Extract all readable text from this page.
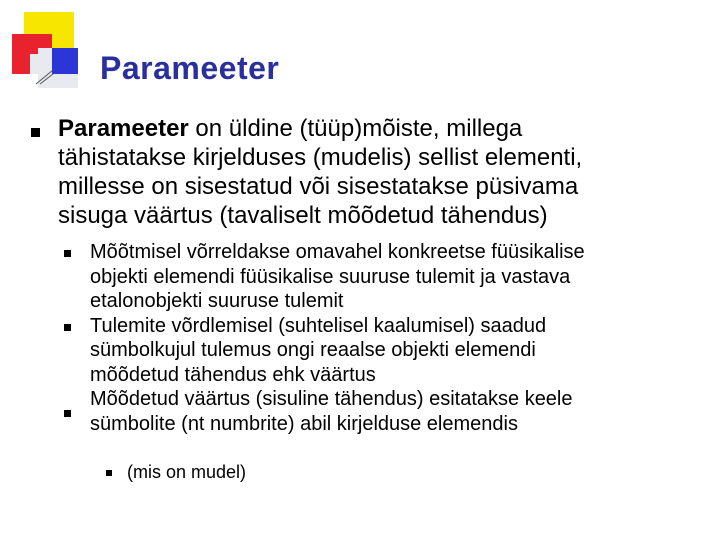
Parameeter
Parameeter on üldine (tüüp)mõiste, millega
tähistatakse kirjelduses (mudelis) sellist elementi,
millesse on sisestatud või sisestatakse püsivama
sisuga väärtus (tavaliselt mõõdetud tähendus)
Mõõtmisel võrreldakse omavahel konkreetse füüsikalise
objekti elemendi füüsikalise suuruse tulemit ja vastava
etalonobjekti suuruse tulemit
Tulemite võrdlemisel (suhtelisel kaalumisel) saadud
sümbolkujul tulemus ongi reaalse objekti elemendi
mõõdetud tähendus ehk väärtus
Mõõdetud väärtus (sisuline tähendus) esitatakse keele
sümbolite (nt numbrite) abil kirjelduse elemendis
(mis on mudel)
